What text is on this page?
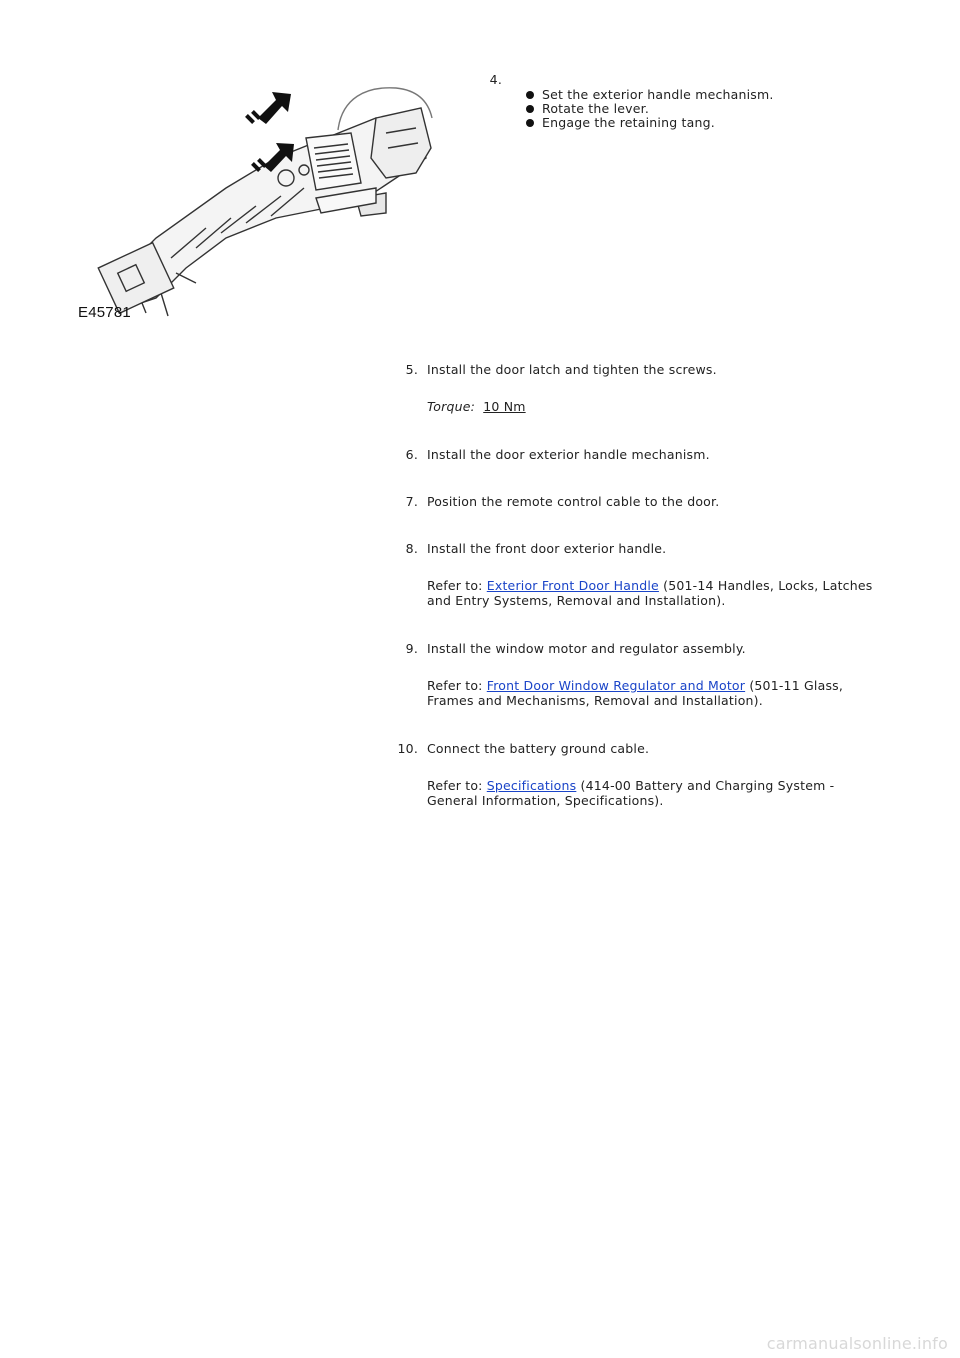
E45781
4.
Set the exterior handle mechanism.
Rotate the lever.
Engage the retaining tang.
5. Install the door latch and tighten the screws.
Torque: 10 Nm
6. Install the door exterior handle mechanism.
7. Position the remote control cable to the door.
8. Install the front door exterior handle.
Refer to: Exterior Front Door Handle (501-14 Handles, Locks, Latches
and Entry Systems, Removal and Installation).
9. Install the window motor and regulator assembly.
Refer to: Front Door Window Regulator and Motor (501-11 Glass,
Frames and Mechanisms, Removal and Installation).
10. Connect the battery ground cable.
Refer to: Specifications (414-00 Battery and Charging System -
General Information, Specifications).
carmanualsonline.info
